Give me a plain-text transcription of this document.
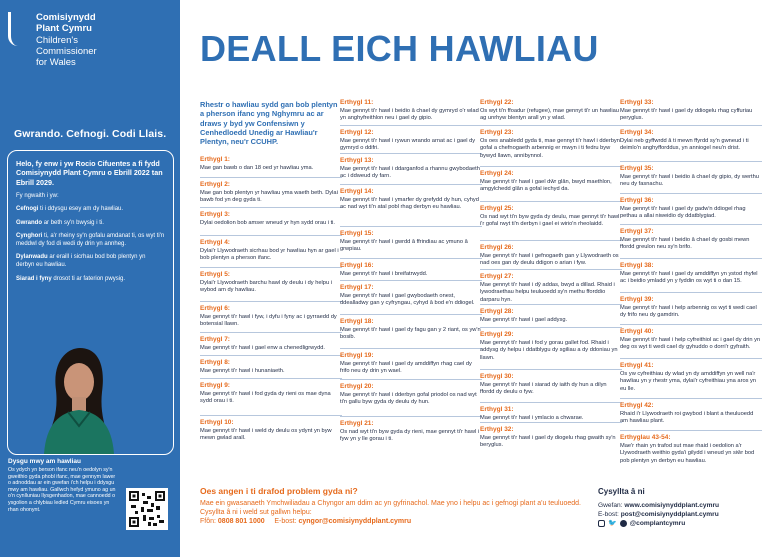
Comisiynydd
Plant Cymru
Children's
Commissioner
for Wales
Gwrando. Cefnogi. Codi Llais.
Helo, fy enw i yw Rocio Cifuentes a fi fydd Comisiynydd Plant Cymru o Ebrill 2022 tan Ebrill 2029.
Fy ngwaith i yw:
Cefnogi ti i ddysgu esey am dy hawliau.
Gwrando ar beth sy'n bwysig i ti.
Cynghori ti, a'r rheiny sy'n gofalu amdanat ti, os wyt ti'n meddwl dy fod di wedi dy drin yn annheg.
Dylanwadu ar eraill i sicrhau bod bob plentyn yn derbyn eu hawliau.
Siarad i fyny drosot ti ar faterion pwysig.
Dysgu mwy am hawliau
Os ydych yn berson ifanc neu'n oedolyn sy'n gweithio gyda phobl ifanc, mae gennym lawer o adnoddau ar ein gwefan i'ch helpu i ddysgu mwy am hawliau. Gallwch hefyd ymuno ag un o'n cynlluniau llysgenhadon, mae cannoedd o ysgolion a chlybiau ledled Cymru eisoes yn rhan ohonynt.
DEALL EICH HAWLIAU
Rhestr o hawliau sydd gan bob plentyn a pherson ifanc yng Nghymru ac ar draws y byd yw Confensiwn y Cenhedloedd Unedig ar Hawliau'r Plentyn, neu'r CCUHP.
Erthygl 1:
Mae gan bawb o dan 18 oed yr hawliau yma.
Erthygl 2:
Mae gan bob plentyn yr hawliau yma waeth beth. Dylai bawb fod yn deg gyda ti.
Erthygl 3:
Dylai oedolion bob amser wneud yr hyn sydd orau i ti.
Erthygl 4:
Dylai'r Llywodraeth sicrhau bod yr hawliau hyn ar gael i bob plentyn a pherson ifanc.
Erthygl 5:
Dylai'r Llywodraeth barchu hawl dy deulu i dy helpu i wybod am dy hawliau.
Erthygl 6:
Mae gennyt ti'r hawl i fyw, i dyfu i fyny ac i gyrraedd dy botensial llawn.
Erthygl 7:
Mae gennyt ti'r hawl i gael enw a chenedligrwydd.
Erthygl 8:
Mae gennyt ti'r hawl i hunaniaeth.
Erthygl 9:
Mae gennyt ti'r hawl i fod gyda dy rieni os mae dyna sydd orau i ti.
Erthygl 10:
Mae gennyt ti'r hawl i weld dy deulu os ydynt yn byw mewn gwlad arall.
Erthygl 11:
Mae gennyt ti'r hawl i beidio â chael dy gymryd o'r wlad yn anghyfreithlon neu i gael dy gipio.
Erthygl 12:
Mae gennyt ti'r hawl i rywun wrando arnat ac i gael dy gymryd o ddifri.
Erthygl 13:
Mae gennyt ti'r hawl i ddarganfod a rhannu gwybodaeth ac i ddweud dy farn.
Erthygl 14:
Mae gennyt ti'r hawl i ymarfer dy grefydd dy hun, cyhyd ac nad wyt ti'n atal pobl rhag derbyn eu hawliau.
Erthygl 15:
Mae gennyt ti'r hawl i gwrdd â ffrindiau ac ymuno â grwpiau.
Erthygl 16:
Mae gennyt ti'r hawl i breifatrwydd.
Erthygl 17:
Mae gennyt ti'r hawl i gael gwybodaeth onest, ddealladwy gan y cyfryngau, cyhyd â bod e'n ddiogel.
Erthygl 18:
Mae gennyt ti'r hawl i gael dy fagu gan y 2 riant, os yw'n bosib.
Erthygl 19:
Mae gennyt ti'r hawl i gael dy amddiffyn rhag cael dy frifo neu dy drin yn wael.
Erthygl 20:
Mae gennyt ti'r hawl i dderbyn gofal priodol os nad wyt ti'n gallu byw gyda dy deulu dy hun.
Erthygl 21:
Os nad wyt ti'n byw gyda dy rieni, mae gennyt ti'r hawl i fyw yn y lle gorau i ti.
Erthygl 22:
Os wyt ti'n ffoadur (refugee), mae gennyt ti'r un hawliau ag unrhyw blentyn arall yn y wlad.
Erthygl 23:
Os oes anabledd gyda ti, mae gennyt ti'r hawl i dderbyn gofal a chefnogaeth arbennig er mwyn i ti fedru byw bywyd llawn, annibynnol.
Erthygl 24:
Mae gennyt ti'r hawl i gael dŵr glân, bwyd maethlon, amgylchedd glân a gofal iechyd da.
Erthygl 25:
Os nad wyt ti'n byw gyda dy deulu, mae gennyt ti'r hawl i'r gofal rwyt ti'n derbyn i gael ei wirio'n rheolaidd.
Erthygl 26:
Mae gennyt ti'r hawl i gefnogaeth gan y Llywodraeth os nad oes gan dy deulu ddigon o arian i fyw.
Erthygl 27:
Mae gennyt ti'r hawl i dŷ addas, bwyd a dillad. Rhaid i lywodraethau helpu teuluoedd sy'n methu fforddio darparu hyn.
Erthygl 28:
Mae gennyt ti'r hawl i gael addysg.
Erthygl 29:
Mae gennyt ti'r hawl i fod y gorau gallet fod. Rhaid i addysg dy helpu i ddatblygu dy sgiliau a dy ddoniau yn llawn.
Erthygl 30:
Mae gennyt ti'r hawl i siarad dy iaith dy hun a dilyn ffordd dy deulu o fyw.
Erthygl 31:
Mae gennyt ti'r hawl i ymlacio a chwarae.
Erthygl 32:
Mae gennyt ti'r hawl i gael dy diogelu rhag gwaith sy'n beryglus.
Erthygl 33:
Mae gennyt ti'r hawl i gael dy ddiogelu rhag cyffuriau peryglus.
Erthygl 34:
Dylai neb gyffwrdd â ti mewn ffyrdd sy'n gwneud i ti deimlo'n anghyfforddus, yn anniogel neu'n drist.
Erthygl 35:
Mae gennyt ti'r hawl i beidio â chael dy gipio, dy werthu neu dy fasnachu.
Erthygl 36:
Mae gennyt ti'r hawl i gael dy gadw'n ddiogel rhag pethau a allai niweidio dy ddatblygiad.
Erthygl 37:
Mae gennyt ti'r hawl i beidio â chael dy gosbi mewn ffordd greulon neu sy'n brifo.
Erthygl 38:
Mae gennyt ti'r hawl i gael dy amddiffyn yn ystod rhyfel ac i beidio ymladd yn y fyddin os wyt ti o dan 15.
Erthygl 39:
Mae gennyt ti'r hawl i help arbennig os wyt ti wedi cael dy frifo neu dy gamdrin.
Erthygl 40:
Mae gennyt ti'r hawl i help cyfreithiol ac i gael dy drin yn deg os wyt ti wedi cael dy gyhuddo o dorri'r gyfraith.
Erthygl 41:
Os yw cyfreithiau dy wlad yn dy amddiffyn yn well na'r hawliau yn y rhestr yma, dylai'r cyfreithiau yna aros yn eu lle.
Erthygl 42:
Rhaid i'r Llywodraeth roi gwybod i blant a theuluoedd am hawliau plant.
Erthyglau 43-54:
Mae'r rhain yn trafod sut mae rhaid i oedolion a'r Llywodraeth weithio gyda'i gilydd i wneud yn siŵr bod pob plentyn yn derbyn eu hawliau.
Oes angen i ti drafod problem gyda ni?
Mae ein gwasanaeth Ymchwiliadau a Chyngor am ddim ac yn gyfrinachol. Mae yno i helpu ac i gefnogi plant a'u teuluoedd.
Cysyllta â ni i weld sut gallwn helpu:
Ffôn: 0808 801 1000 E-bost: cyngor@comisiynyddplant.cymru
Cysyllta â ni
Gwefan: www.comisiynyddplant.cymru
E-bost: post@comisiynyddplant.cymru
🐦 @complantcymru
